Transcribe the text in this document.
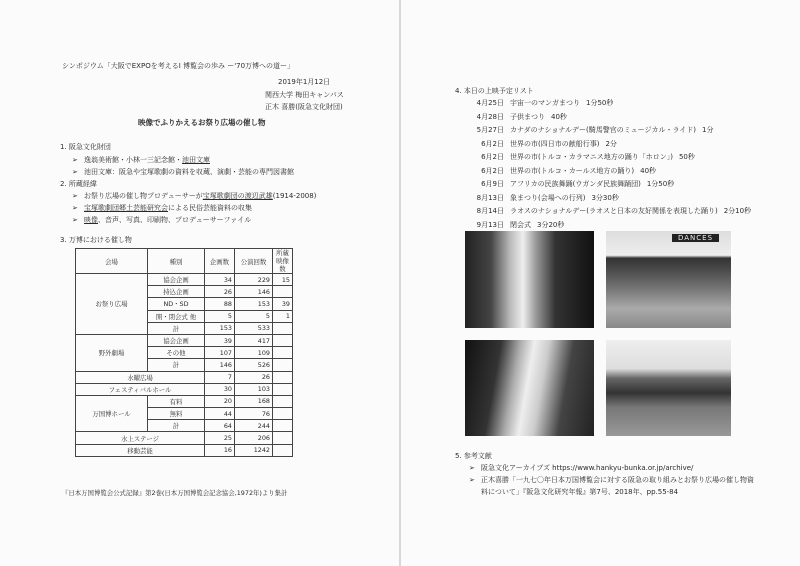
シンポジウム「大阪でEXPOを考えるI 博覧会の歩み ー'70万博への道ー」
2019年1月12日
関西大学 梅田キャンパス
正木 喜勝(阪急文化財団)
映像でふりかえるお祭り広場の催し物
1. 阪急文化財団
➢ 逸翁美術館・小林一三記念館・池田文庫
➢ 池田文庫：阪急や宝塚歌劇の資料を収蔵、演劇・芸能の専門図書館
2. 所蔵経緯
➢ お祭り広場の催し物プロデューサーが宝塚歌劇団の渡辺武雄(1914-2008)
➢ 宝塚歌劇団郷土芸能研究会による民俗芸能資料の収集
➢ 映像、音声、写真、印刷物、プロデューサーファイル
3. 万博における催し物
会場	種別	企画数	公演回数	所蔵映像数
お祭り広場	協会企画	34	229	15
	持込企画	26	146	
	ND・SD	88	153	39
	開・閉会式 他	5	5	1
	計	153	533	
野外劇場	協会企画	39	417	
	その他	107	109	
	計	146	526	
水曜広場		7	26	
フェスティバルホール		30	103	
万国博ホール	有料	20	168	
	無料	44	76	
	計	64	244	
水上ステージ		25	206	
移動芸能		16	1242	
『日本万国博覧会公式記録』第2巻(日本万国博覧会記念協会,1972年)より集計
4. 本日の上映予定リスト
4月25日 宇宙一のマンガまつり 1分50秒
4月28日 子供まつり 40秒
5月27日 カナダのナショナルデー(騎馬警官のミュージカル・ライド) 1分
6月2日 世界の市(四日市の献船行事) 2分
6月2日 世界の市(トルコ・カラマニス地方の踊り「ホロン」) 50秒
6月2日 世界の市(トルコ・カールス地方の踊り) 40秒
6月9日 アフリカの民族舞踊(ウガンダ民族舞踊団) 1分50秒
8月13日 象まつり(会場への行列) 3分30秒
8月14日 ラオスのナショナルデー(ラオスと日本の友好関係を表現した踊り) 2分10秒
9月13日 閉会式 3分20秒
DANCES
5. 参考文献
➢ 阪急文化アーカイブズ https://www.hankyu-bunka.or.jp/archive/
➢ 正木喜勝「一九七〇年日本万国博覧会に対する阪急の取り組みとお祭り広場の催し物資
料について」『阪急文化研究年報』第7号、2018年、pp.55-84
